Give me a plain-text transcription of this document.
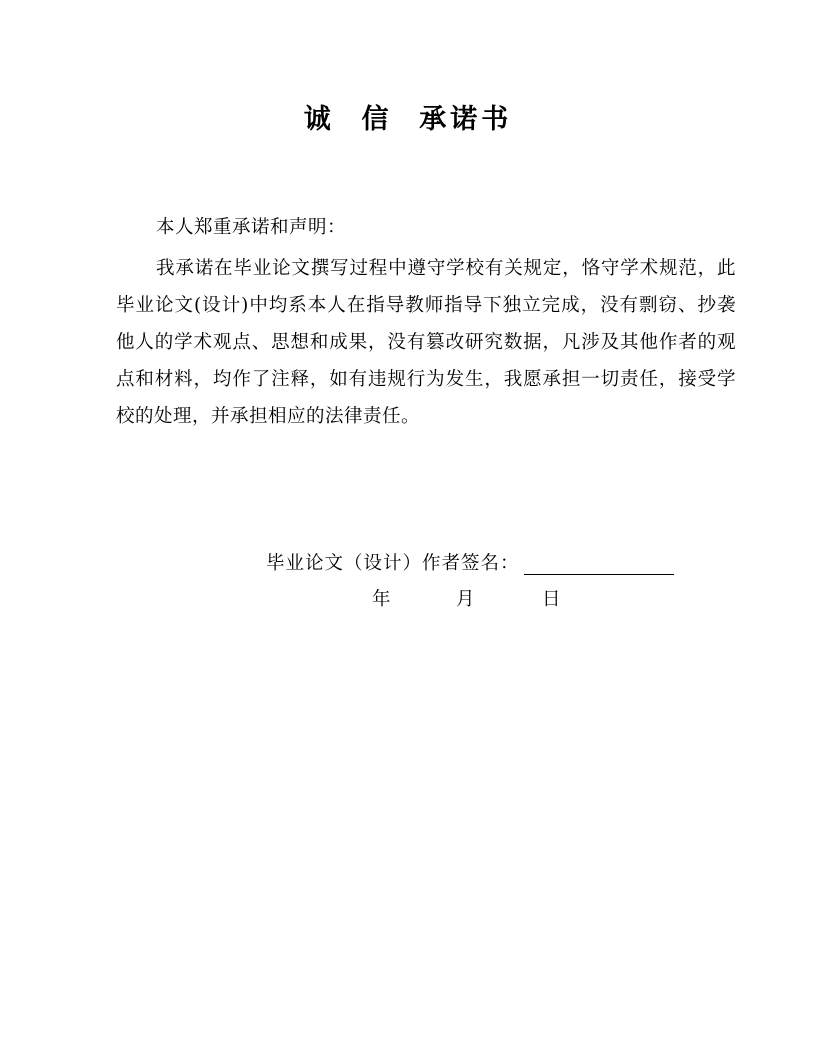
诚  信  承诺书
本人郑重承诺和声明：
我承诺在毕业论文撰写过程中遵守学校有关规定，恪守学术规范，此毕业论文(设计)中均系本人在指导教师指导下独立完成，没有剽窃、抄袭他人的学术观点、思想和成果，没有篡改研究数据，凡涉及其他作者的观点和材料，均作了注释，如有违规行为发生，我愿承担一切责任，接受学校的处理，并承担相应的法律责任。
毕业论文（设计）作者签名：
年	月	日
